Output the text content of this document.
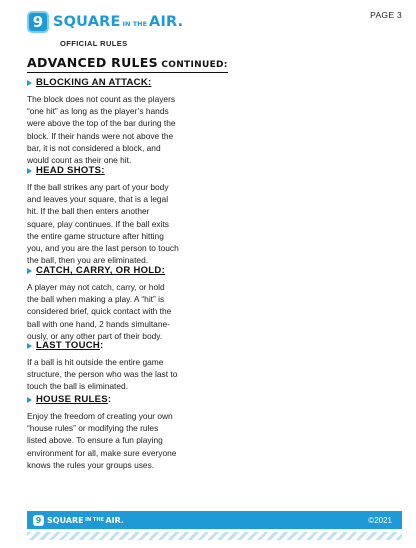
PAGE 3
9 SQUARE IN THE AIR.
OFFICIAL RULES
ADVANCED RULES CONTINUED:
BLOCKING AN ATTACK:
The block does not count as the players
“one hit” as long as the player’s hands
were above the top of the bar during the
block. If their hands were not above the
bar, it is not considered a block, and
would count as their one hit.
HEAD SHOTS:
If the ball strikes any part of your body
and leaves your square, that is a legal
hit. If the ball then enters another
square, play continues. If the ball exits
the entire game structure after hitting
you, and you are the last person to touch
the ball, then you are eliminated.
CATCH, CARRY, OR HOLD:
A player may not catch, carry, or hold
the ball when making a play. A “hit” is
considered brief, quick contact with the
ball with one hand, 2 hands simultane-
ously, or any other part of their body.
LAST TOUCH :
If a ball is hit outside the entire game
structure, the person who was the last to
touch the ball is eliminated.
HOUSE RULES :
Enjoy the freedom of creating your own
“house rules” or modifying the rules
listed above. To ensure a fun playing
environment for all, make sure everyone
knows the rules your groups uses.
9 SQUARE IN THE AIR.	©2021
